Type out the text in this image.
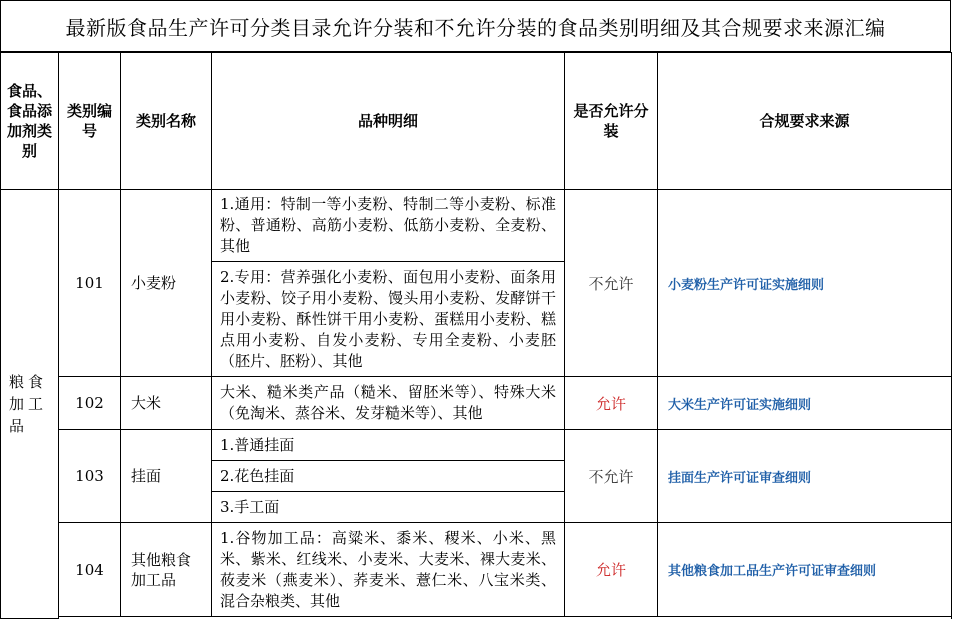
最新版食品生产许可分类目录允许分装和不允许分装的食品类别明细及其合规要求来源汇编
食品、食品添加剂类别	类别编号	类别名称	品种明细	是否允许分装	合规要求来源
粮食加工品	101	小麦粉	1.通用：特制一等小麦粉、特制二等小麦粉、标准粉、普通粉、高筋小麦粉、低筋小麦粉、全麦粉、其他	不允许	小麦粉生产许可证实施细则
			2.专用：营养强化小麦粉、面包用小麦粉、面条用小麦粉、饺子用小麦粉、馒头用小麦粉、发酵饼干用小麦粉、酥性饼干用小麦粉、蛋糕用小麦粉、糕点用小麦粉、自发小麦粉、专用全麦粉、小麦胚（胚片、胚粉）、其他		
	102	大米	大米、糙米类产品（糙米、留胚米等）、特殊大米（免淘米、蒸谷米、发芽糙米等）、其他	允许	大米生产许可证实施细则
	103	挂面	1.普通挂面	不允许	挂面生产许可证审查细则
			2.花色挂面		
			3.手工面		
	104	其他粮食加工品	1.谷物加工品：高粱米、黍米、稷米、小米、黑米、紫米、红线米、小麦米、大麦米、裸大麦米、莜麦米（燕麦米）、荞麦米、薏仁米、八宝米类、混合杂粮类、其他	允许	其他粮食加工品生产许可证审查细则
